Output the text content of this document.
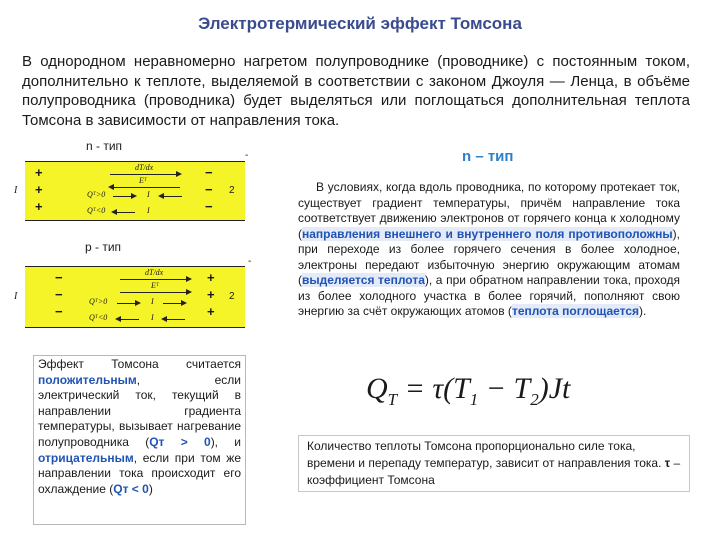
Электротермический эффект Томсона
В однородном неравномерно нагретом полупроводнике (проводнике) с постоянным током, дополнительно к теплоте, выделяемой в соответствии с законом Джоуля — Ленца, в объёме полупроводника (проводника) будет выделяться или поглощаться дополнительная теплота Томсона в зависимости от направления тока.
n - тип
-
+
+
+
−
−
−
dT/dx
Eᵀ
Qᵀ>0	I
Qᵀ<0	I
I	2
p - тип
-
−
−
−
+
+
+
dT/dx
Eᵀ
Qᵀ>0	I
Qᵀ<0	I
I	2
n – тип
В условиях, когда вдоль проводника, по которому протекает ток, существует градиент температуры, причём направление тока соответствует движению электронов от горячего конца к холодному (направления внешнего и внутреннего поля противоположны), при переходе из более горячего сечения в более холодное, электроны передают избыточную энергию окружающим атомам (выделяется теплота), а при обратном направлении тока, проходя из более холодного участка в более горячий, пополняют свою энергию за счёт окружающих атомов (теплота поглощается).
$Q_T = \tau(T_1 - T_2)Jt$
Эффект Томсона считается положительным, если электрический ток, текущий в направлении градиента температуры, вызывает нагревание полупроводника (Qт > 0), и отрицательным, если при том же направлении тока происходит его охлаждение (Qт < 0)
Количество теплоты Томсона пропорционально силе тока, времени и перепаду температур, зависит от направления тока. τ – коэффициент Томсона
